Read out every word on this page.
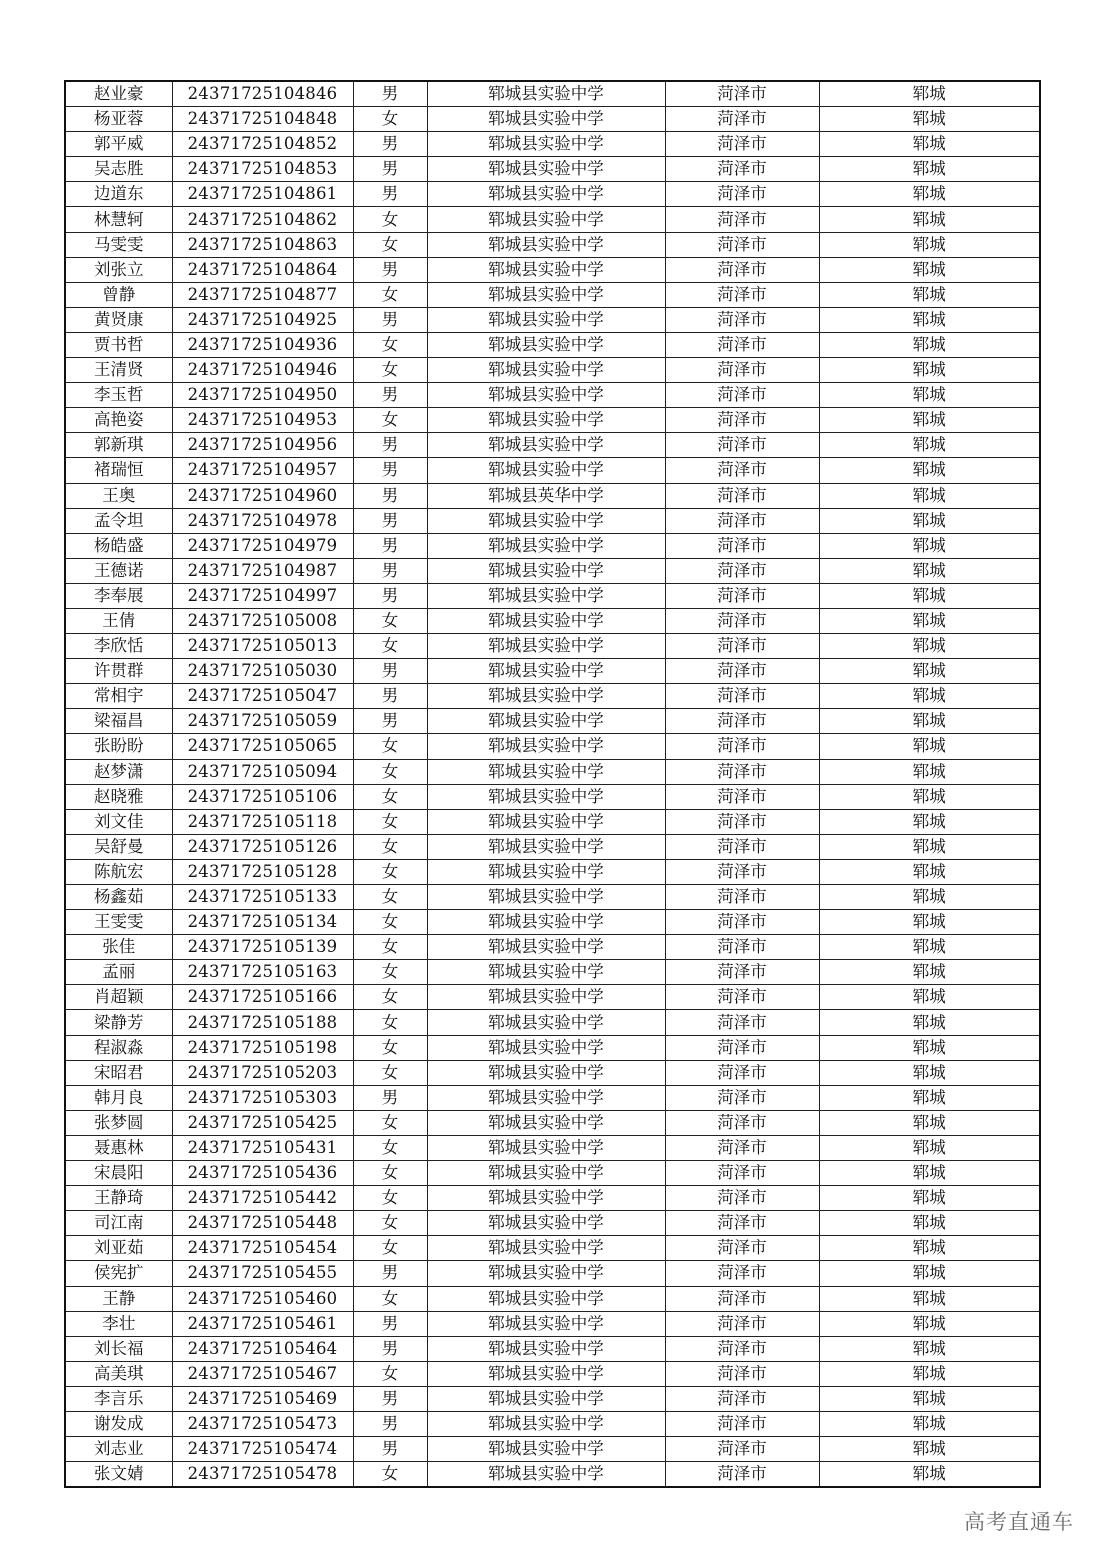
赵业豪	24371725104846	男	郓城县实验中学	菏泽市	郓城
杨亚蓉	24371725104848	女	郓城县实验中学	菏泽市	郓城
郭平威	24371725104852	男	郓城县实验中学	菏泽市	郓城
吴志胜	24371725104853	男	郓城县实验中学	菏泽市	郓城
边道东	24371725104861	男	郓城县实验中学	菏泽市	郓城
林慧轲	24371725104862	女	郓城县实验中学	菏泽市	郓城
马雯雯	24371725104863	女	郓城县实验中学	菏泽市	郓城
刘张立	24371725104864	男	郓城县实验中学	菏泽市	郓城
曾静	24371725104877	女	郓城县实验中学	菏泽市	郓城
黄贤康	24371725104925	男	郓城县实验中学	菏泽市	郓城
贾书哲	24371725104936	女	郓城县实验中学	菏泽市	郓城
王清贤	24371725104946	女	郓城县实验中学	菏泽市	郓城
李玉哲	24371725104950	男	郓城县实验中学	菏泽市	郓城
高艳姿	24371725104953	女	郓城县实验中学	菏泽市	郓城
郭新琪	24371725104956	男	郓城县实验中学	菏泽市	郓城
褚瑞恒	24371725104957	男	郓城县实验中学	菏泽市	郓城
王奥	24371725104960	男	郓城县英华中学	菏泽市	郓城
孟令坦	24371725104978	男	郓城县实验中学	菏泽市	郓城
杨皓盛	24371725104979	男	郓城县实验中学	菏泽市	郓城
王德诺	24371725104987	男	郓城县实验中学	菏泽市	郓城
李奉展	24371725104997	男	郓城县实验中学	菏泽市	郓城
王倩	24371725105008	女	郓城县实验中学	菏泽市	郓城
李欣恬	24371725105013	女	郓城县实验中学	菏泽市	郓城
许贯群	24371725105030	男	郓城县实验中学	菏泽市	郓城
常相宇	24371725105047	男	郓城县实验中学	菏泽市	郓城
梁福昌	24371725105059	男	郓城县实验中学	菏泽市	郓城
张盼盼	24371725105065	女	郓城县实验中学	菏泽市	郓城
赵梦潇	24371725105094	女	郓城县实验中学	菏泽市	郓城
赵晓雅	24371725105106	女	郓城县实验中学	菏泽市	郓城
刘文佳	24371725105118	女	郓城县实验中学	菏泽市	郓城
吴舒曼	24371725105126	女	郓城县实验中学	菏泽市	郓城
陈航宏	24371725105128	女	郓城县实验中学	菏泽市	郓城
杨鑫茹	24371725105133	女	郓城县实验中学	菏泽市	郓城
王雯雯	24371725105134	女	郓城县实验中学	菏泽市	郓城
张佳	24371725105139	女	郓城县实验中学	菏泽市	郓城
孟丽	24371725105163	女	郓城县实验中学	菏泽市	郓城
肖超颖	24371725105166	女	郓城县实验中学	菏泽市	郓城
梁静芳	24371725105188	女	郓城县实验中学	菏泽市	郓城
程淑淼	24371725105198	女	郓城县实验中学	菏泽市	郓城
宋昭君	24371725105203	女	郓城县实验中学	菏泽市	郓城
韩月良	24371725105303	男	郓城县实验中学	菏泽市	郓城
张梦圆	24371725105425	女	郓城县实验中学	菏泽市	郓城
聂惠林	24371725105431	女	郓城县实验中学	菏泽市	郓城
宋晨阳	24371725105436	女	郓城县实验中学	菏泽市	郓城
王静琦	24371725105442	女	郓城县实验中学	菏泽市	郓城
司江南	24371725105448	女	郓城县实验中学	菏泽市	郓城
刘亚茹	24371725105454	女	郓城县实验中学	菏泽市	郓城
侯宪扩	24371725105455	男	郓城县实验中学	菏泽市	郓城
王静	24371725105460	女	郓城县实验中学	菏泽市	郓城
李壮	24371725105461	男	郓城县实验中学	菏泽市	郓城
刘长福	24371725105464	男	郓城县实验中学	菏泽市	郓城
高美琪	24371725105467	女	郓城县实验中学	菏泽市	郓城
李言乐	24371725105469	男	郓城县实验中学	菏泽市	郓城
谢发成	24371725105473	男	郓城县实验中学	菏泽市	郓城
刘志业	24371725105474	男	郓城县实验中学	菏泽市	郓城
张文婧	24371725105478	女	郓城县实验中学	菏泽市	郓城
高考直通车
